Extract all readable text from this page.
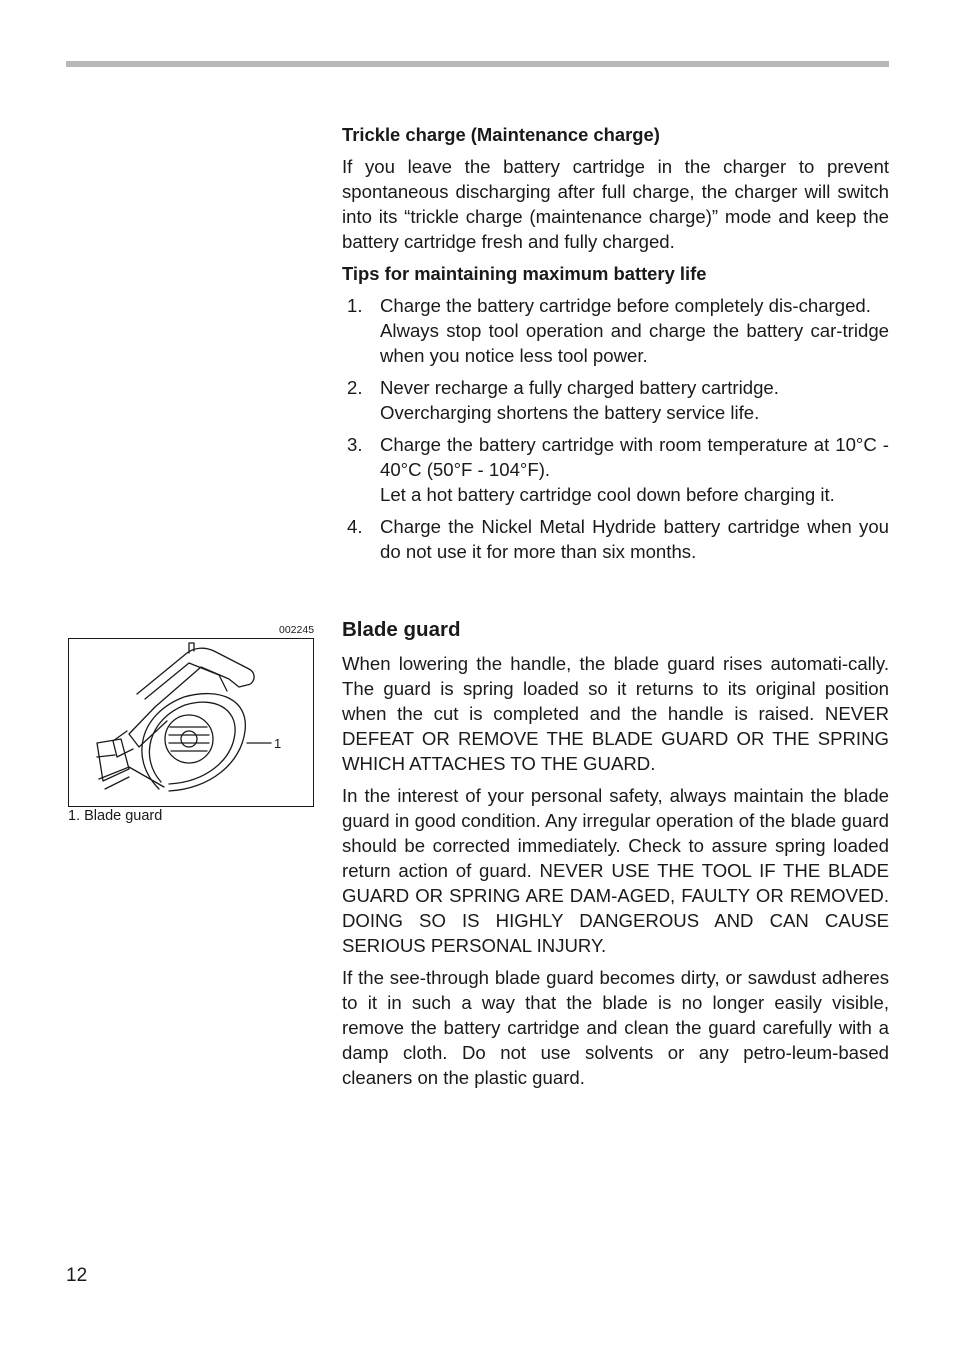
Trickle charge (Maintenance charge)

If you leave the battery cartridge in the charger to prevent spontaneous discharging after full charge, the charger will switch into its “trickle charge (maintenance charge)” mode and keep the battery cartridge fresh and fully charged.

Tips for maintaining maximum battery life

1. Charge the battery cartridge before completely dis-charged.
Always stop tool operation and charge the battery car-tridge when you notice less tool power.
2. Never recharge a fully charged battery cartridge.
Overcharging shortens the battery service life.
3. Charge the battery cartridge with room temperature at 10°C - 40°C (50°F - 104°F).
Let a hot battery cartridge cool down before charging it.
4. Charge the Nickel Metal Hydride battery cartridge when you do not use it for more than six months.

Blade guard

When lowering the handle, the blade guard rises automati-cally. The guard is spring loaded so it returns to its original position when the cut is completed and the handle is raised. NEVER DEFEAT OR REMOVE THE BLADE GUARD OR THE SPRING WHICH ATTACHES TO THE GUARD.

In the interest of your personal safety, always maintain the blade guard in good condition. Any irregular operation of the blade guard should be corrected immediately. Check to assure spring loaded return action of guard. NEVER USE THE TOOL IF THE BLADE GUARD OR SPRING ARE DAM-AGED, FAULTY OR REMOVED. DOING SO IS HIGHLY DANGEROUS AND CAN CAUSE SERIOUS PERSONAL INJURY.

If the see-through blade guard becomes dirty, or sawdust adheres to it in such a way that the blade is no longer easily visible, remove the battery cartridge and clean the guard carefully with a damp cloth. Do not use solvents or any petro-leum-based cleaners on the plastic guard.

002245
1
1. Blade guard
12
